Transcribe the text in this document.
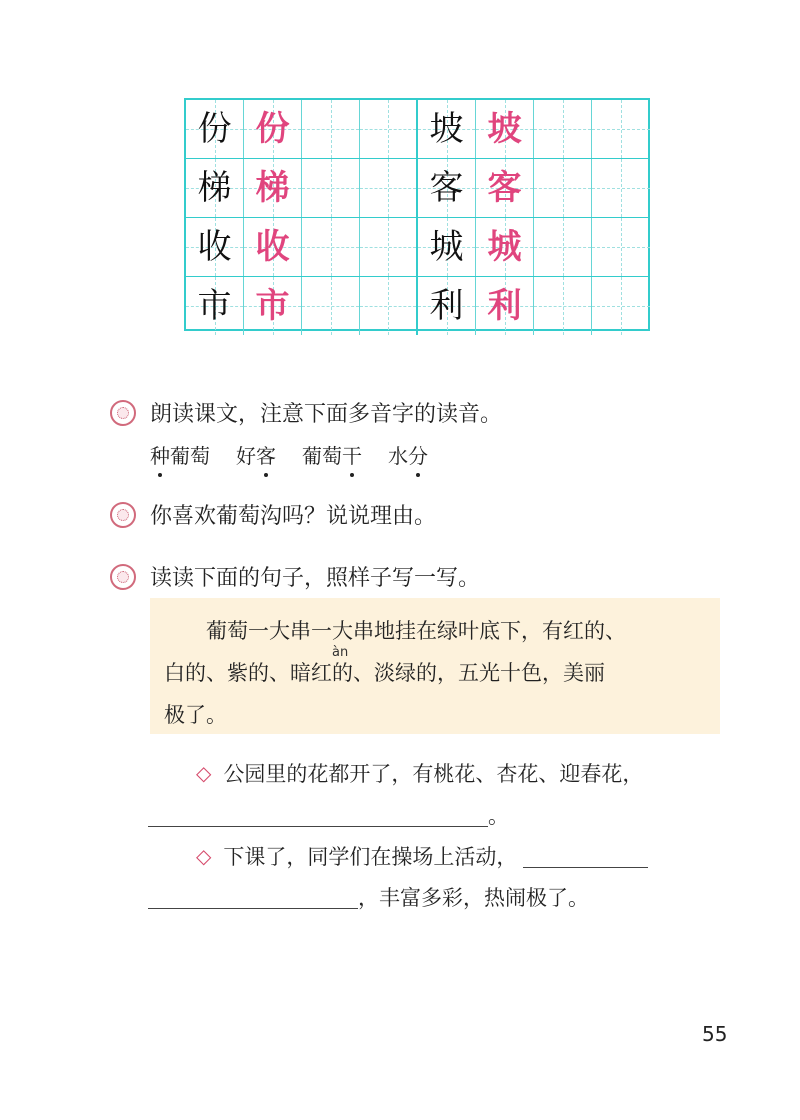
份 份	坡 坡
梯 梯	客 客
收 收	城 城
市 市	利 利
朗读课文，注意下面多音字的读音。
种 葡萄 好 客 葡萄 干 水 分
你喜欢葡萄沟吗？说说理由。
读读下面的句子，照样子写一写。
　　葡萄一大串一大串地挂在绿叶底下，有红的、
àn
白的、紫的、暗红的、淡绿的，五光十色，美丽
极了。
◇ 公园里的花都开了，有桃花、杏花、迎春花，
。
◇ 下课了，同学们在操场上活动，
，丰富多彩，热闹极了。
55
